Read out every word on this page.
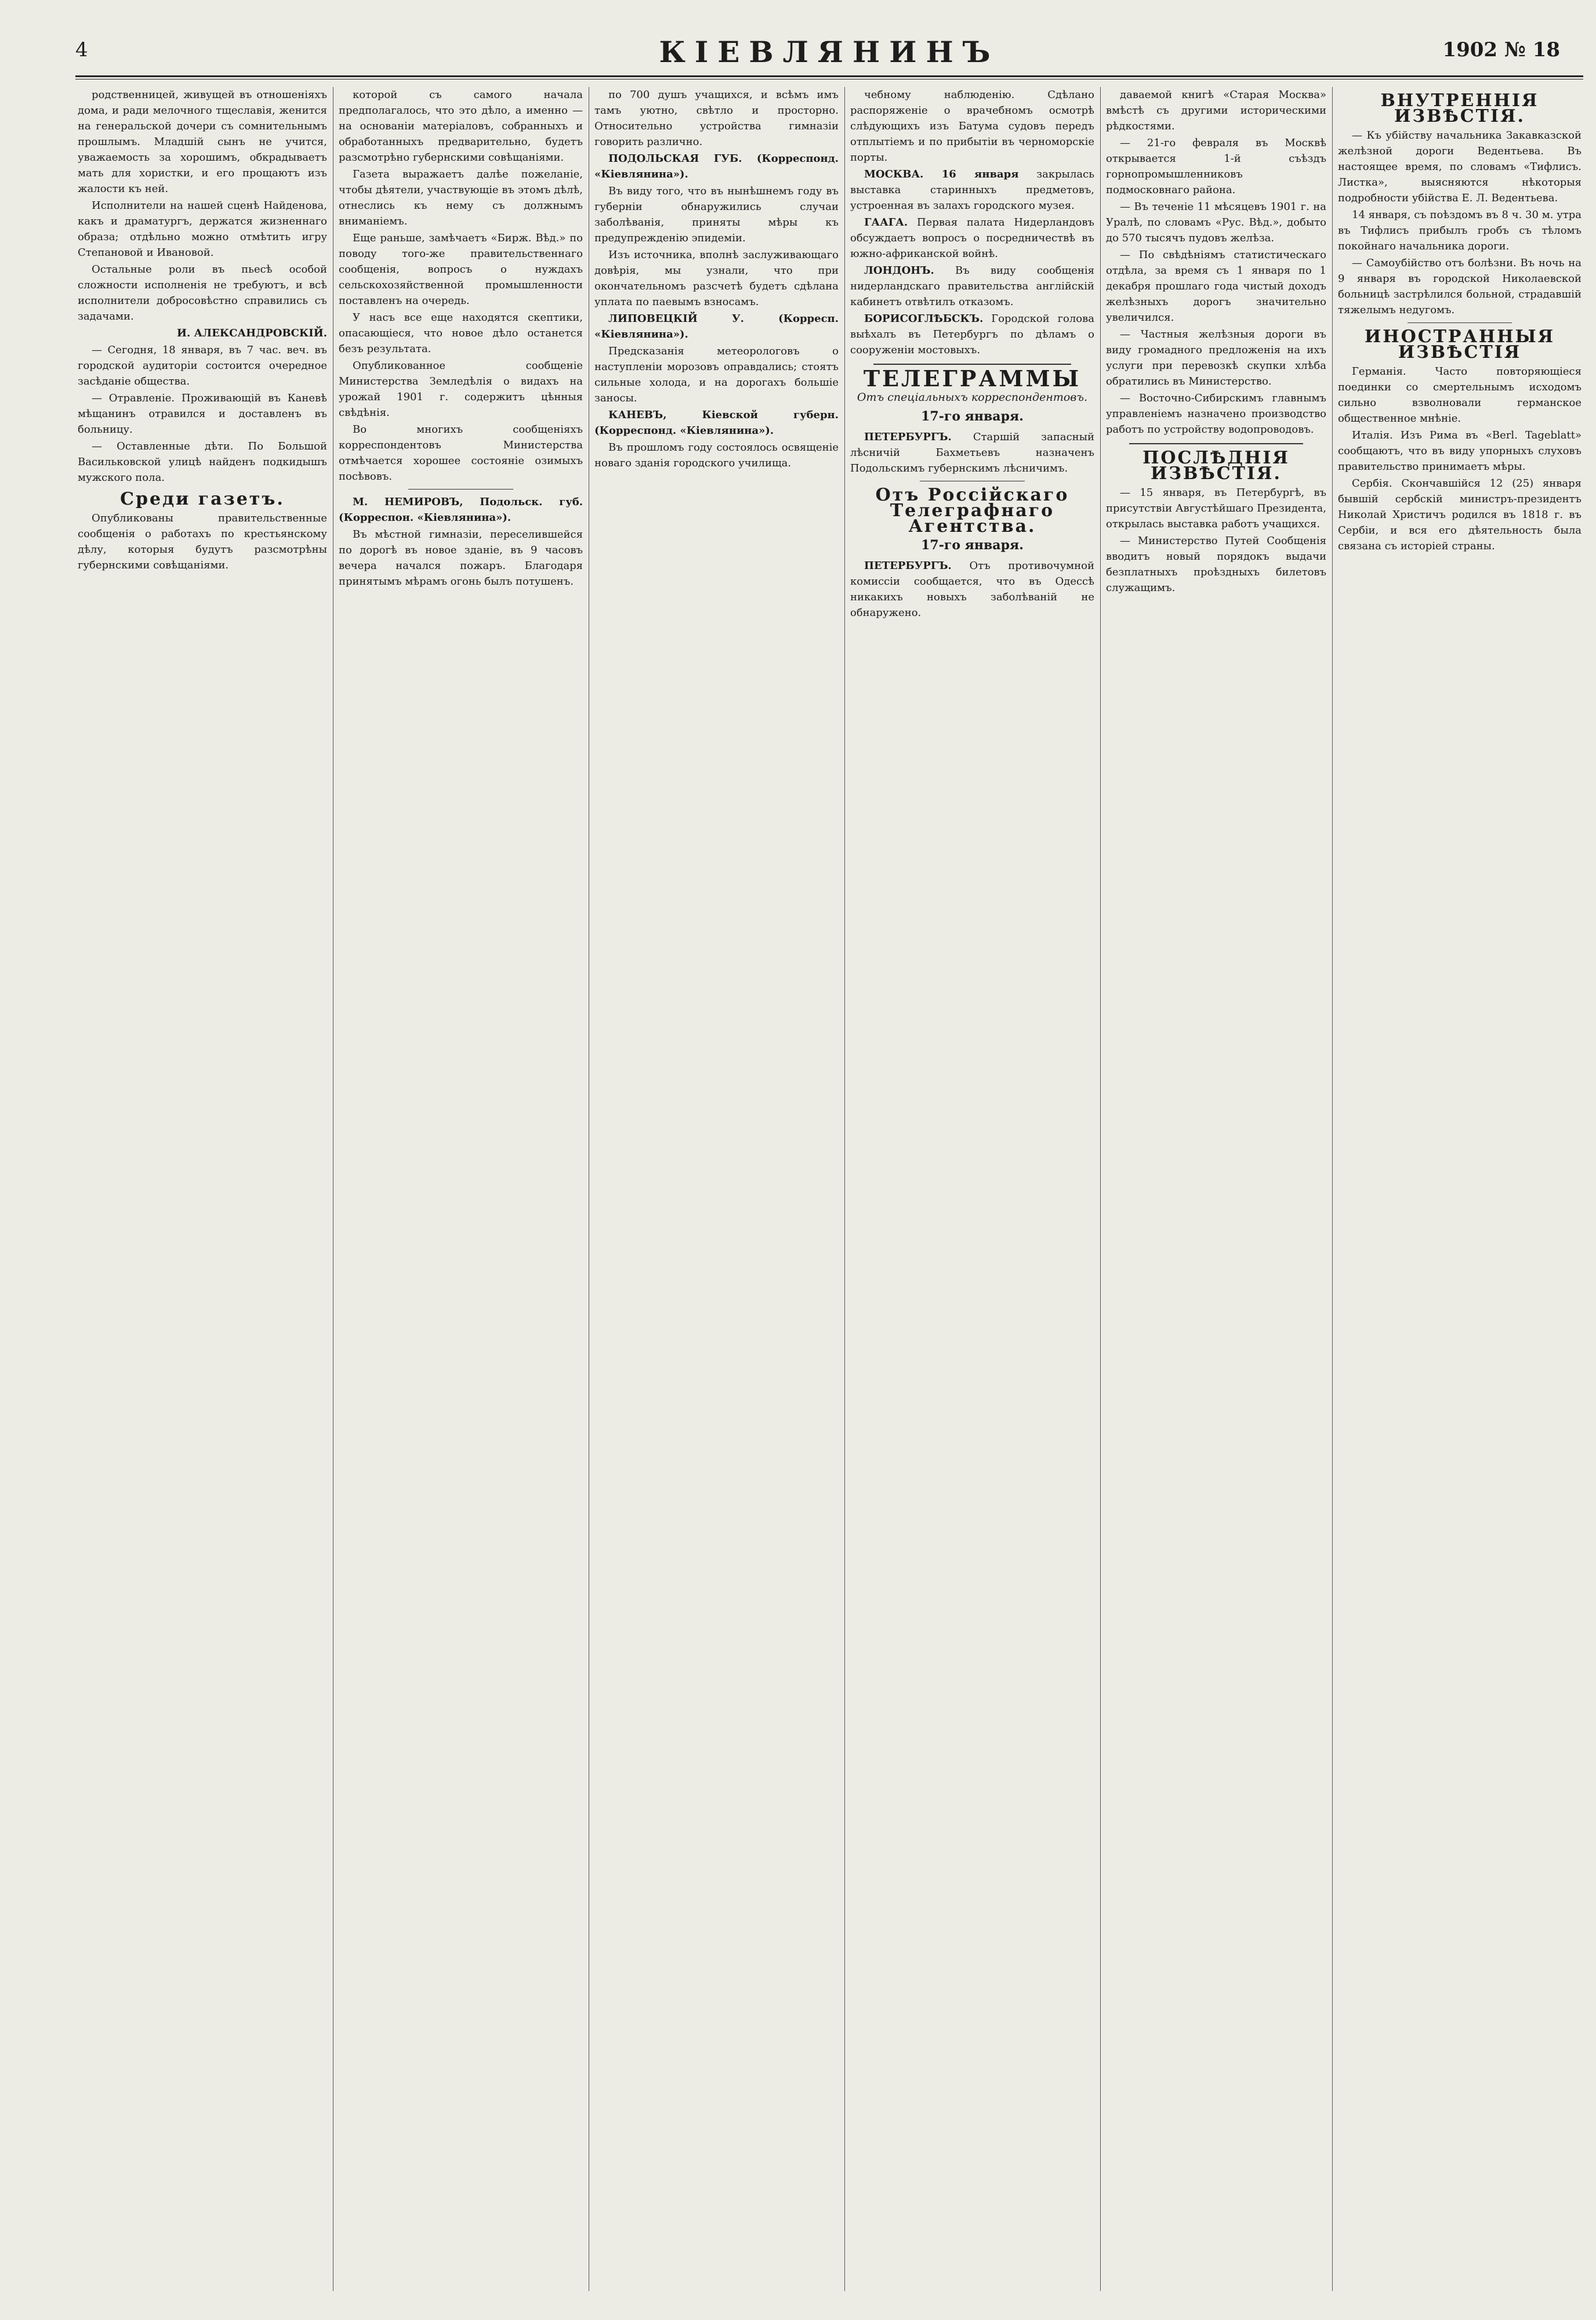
4	КІЕВЛЯНИНЪ	1902 № 18

родственницей, живущей въ отношеніяхъ дома, и ради мелочного тщеславія, женится на генеральской дочери съ сомнительнымъ прошлымъ. Младшій сынъ не учится, уважаемость за хорошимъ, обкрадываетъ мать для хористки, и его прощаютъ изъ жалости къ ней.

Исполнители на нашей сценѣ Найденова, какъ и драматургъ, держатся жизненнаго образа; отдѣльно можно отмѣтить игру Степановой и Ивановой.

Остальные роли въ пьесѣ особой сложности исполненія не требуютъ, и всѣ исполнители добросовѣстно справились съ задачами.

И. АЛЕКСАНДРОВСКІЙ.

— Сегодня, 18 января, въ 7 час. веч. въ городской аудиторіи состоится очередное засѣданіе общества.

— Отравленіе. Проживающій въ Каневѣ мѣщанинъ отравился и доставленъ въ больницу.

— Оставленные дѣти. По Большой Васильковской улицѣ найденъ подкидышъ мужского пола.

Среди газетъ.

Опубликованы правительственные сообщенія о работахъ по крестьянскому дѣлу, которыя будутъ разсмотрѣны губернскими совѣщаніями.

которой съ самого начала предполагалось, что это дѣло, а именно — на основаніи матеріаловъ, собранныхъ и обработанныхъ предварительно, будетъ разсмотрѣно губернскими совѣщаніями.

Газета выражаетъ далѣе пожеланіе, чтобы дѣятели, участвующіе въ этомъ дѣлѣ, отнеслись къ нему съ должнымъ вниманіемъ.

Еще раньше, замѣчаетъ «Бирж. Вѣд.» по поводу того-же правительственнаго сообщенія, вопросъ о нуждахъ сельскохозяйственной промышленности поставленъ на очередь.

У насъ все еще находятся скептики, опасающіеся, что новое дѣло останется безъ результата.

Опубликованное сообщеніе Министерства Земледѣлія о видахъ на урожай 1901 г. содержитъ цѣнныя свѣдѣнія.

Во многихъ сообщеніяхъ корреспондентовъ Министерства отмѣчается хорошее состояніе озимыхъ посѣвовъ.

М. НЕМИРОВЪ, Подольск. губ. (Корреспон. «Кіевлянина»).

Въ мѣстной гимназіи, переселившейся по дорогѣ въ новое зданіе, въ 9 часовъ вечера начался пожаръ. Благодаря принятымъ мѣрамъ огонь былъ потушенъ.

по 700 душъ учащихся, и всѣмъ имъ тамъ уютно, свѣтло и просторно. Относительно устройства гимназіи говорить различно.

ПОДОЛЬСКАЯ ГУБ. (Корреспонд. «Кіевлянина»).

Въ виду того, что въ нынѣшнемъ году въ губерніи обнаружились случаи заболѣванія, приняты мѣры къ предупрежденію эпидеміи.

Изъ источника, вполнѣ заслуживающаго довѣрія, мы узнали, что при окончательномъ разсчетѣ будетъ сдѣлана уплата по паевымъ взносамъ.

ЛИПОВЕЦКІЙ У. (Корресп. «Кіевлянина»).

Предсказанія метеорологовъ о наступленіи морозовъ оправдались; стоятъ сильные холода, и на дорогахъ большіе заносы.

КАНЕВЪ, Кіевской губерн. (Корреспонд. «Кіевлянина»).

Въ прошломъ году состоялось освященіе новаго зданія городского училища.

чебному наблюденію. Сдѣлано распоряженіе о врачебномъ осмотрѣ слѣдующихъ изъ Батума судовъ передъ отплытіемъ и по прибытіи въ черноморскіе порты.

МОСКВА. 16 января закрылась выставка старинныхъ предметовъ, устроенная въ залахъ городского музея.

ГААГА. Первая палата Нидерландовъ обсуждаетъ вопросъ о посредничествѣ въ южно-африканской войнѣ.

ЛОНДОНЪ. Въ виду сообщенія нидерландскаго правительства англійскій кабинетъ отвѣтилъ отказомъ.

БОРИСОГЛѢБСКЪ. Городской голова выѣхалъ въ Петербургъ по дѣламъ о сооруженіи мостовыхъ.

ТЕЛЕГРАММЫ
Отъ спеціальныхъ корреспондентовъ.
17-го января.

ПЕТЕРБУРГЪ. Старшій запасный лѣсничій Бахметьевъ назначенъ Подольскимъ губернскимъ лѣсничимъ.

Отъ Россійскаго Телеграфнаго Агентства.
17-го января.

ПЕТЕРБУРГЪ. Отъ противочумной комиссіи сообщается, что въ Одессѣ никакихъ новыхъ заболѣваній не обнаружено.

даваемой книгѣ «Старая Москва» вмѣстѣ съ другими историческими рѣдкостями.

— 21-го февраля въ Москвѣ открывается 1-й съѣздъ горнопромышленниковъ подмосковнаго района.

— Въ теченіе 11 мѣсяцевъ 1901 г. на Уралѣ, по словамъ «Рус. Вѣд.», добыто до 570 тысячъ пудовъ желѣза.

— По свѣдѣніямъ статистическаго отдѣла, за время съ 1 января по 1 декабря прошлаго года чистый доходъ желѣзныхъ дорогъ значительно увеличился.

— Частныя желѣзныя дороги въ виду громадного предложенія на ихъ услуги при перевозкѣ скупки хлѣба обратились въ Министерство.

— Восточно-Сибирскимъ главнымъ управленіемъ назначено производство работъ по устройству водопроводовъ.

ПОСЛѢДНІЯ ИЗВѢСТІЯ.

— 15 января, въ Петербургѣ, въ присутствіи Августѣйшаго Президента, открылась выставка работъ учащихся.

— Министерство Путей Сообщенія вводитъ новый порядокъ выдачи безплатныхъ проѣздныхъ билетовъ служащимъ.

ВНУТРЕННІЯ ИЗВѢСТІЯ.

— Къ убійству начальника Закавказской желѣзной дороги Ведентьева. Въ настоящее время, по словамъ «Тифлисъ. Листка», выясняются нѣкоторыя подробности убійства Е. Л. Ведентьева.

14 января, съ поѣздомъ въ 8 ч. 30 м. утра въ Тифлисъ прибылъ гробъ съ тѣломъ покойнаго начальника дороги.

— Самоубійство отъ болѣзни. Въ ночь на 9 января въ городской Николаевской больницѣ застрѣлился больной, страдавшій тяжелымъ недугомъ.

ИНОСТРАННЫЯ ИЗВѢСТІЯ

Германія. Часто повторяющіеся поединки со смертельнымъ исходомъ сильно взволновали германское общественное мнѣніе.

Италія. Изъ Рима въ «Berl. Tageblatt» сообщаютъ, что въ виду упорныхъ слуховъ правительство принимаетъ мѣры.

Сербія. Скончавшійся 12 (25) января бывшій сербскій министръ-президентъ Николай Христичъ родился въ 1818 г. въ Сербіи, и вся его дѣятельность была связана съ исторіей страны.
